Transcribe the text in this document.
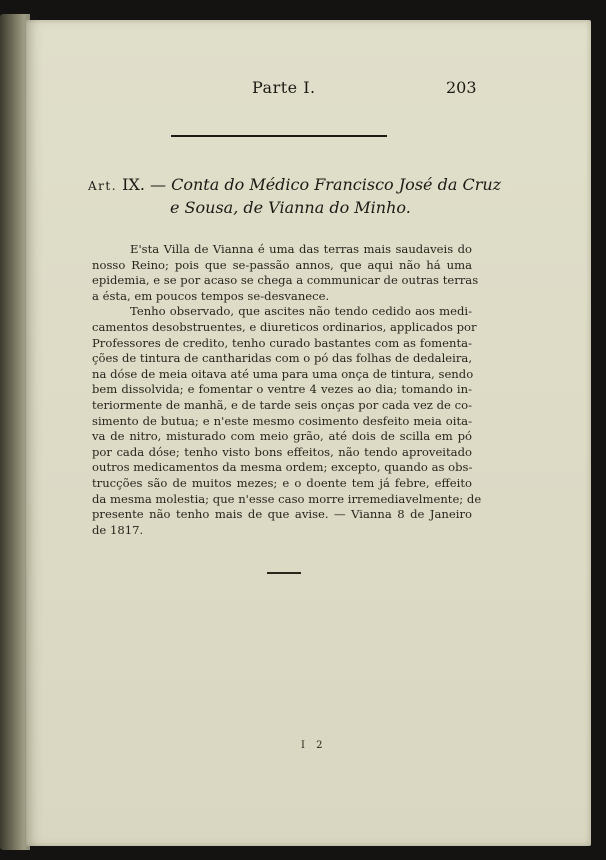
Parte I.	203
Art. IX. — Conta do Médico Francisco José da Cruz
e Sousa, de Vianna do Minho.
E'sta Villa de Vianna é uma das terras mais saudaveis do
nosso Reino; pois que se-passão annos, que aqui não há uma
epidemia, e se por acaso se chega a communicar de outras terras
a ésta, em poucos tempos se-desvanece.
Tenho observado, que ascites não tendo cedido aos medi-
camentos desobstruentes, e diureticos ordinarios, applicados por
Professores de credito, tenho curado bastantes com as fomenta-
ções de tintura de cantharidas com o pó das folhas de dedaleira,
na dóse de meia oitava até uma para uma onça de tintura, sendo
bem dissolvida; e fomentar o ventre 4 vezes ao dia; tomando in-
teriormente de manhã, e de tarde seis onças por cada vez de co-
simento de butua; e n'este mesmo cosimento desfeito meia oita-
va de nitro, misturado com meio grão, até dois de scilla em pó
por cada dóse; tenho visto bons effeitos, não tendo aproveitado
outros medicamentos da mesma ordem; excepto, quando as obs-
trucções são de muitos mezes; e o doente tem já febre, effeito
da mesma molestia; que n'esse caso morre irremediavelmente; de
presente não tenho mais de que avise. — Vianna 8 de Janeiro
de 1817.
I 2
